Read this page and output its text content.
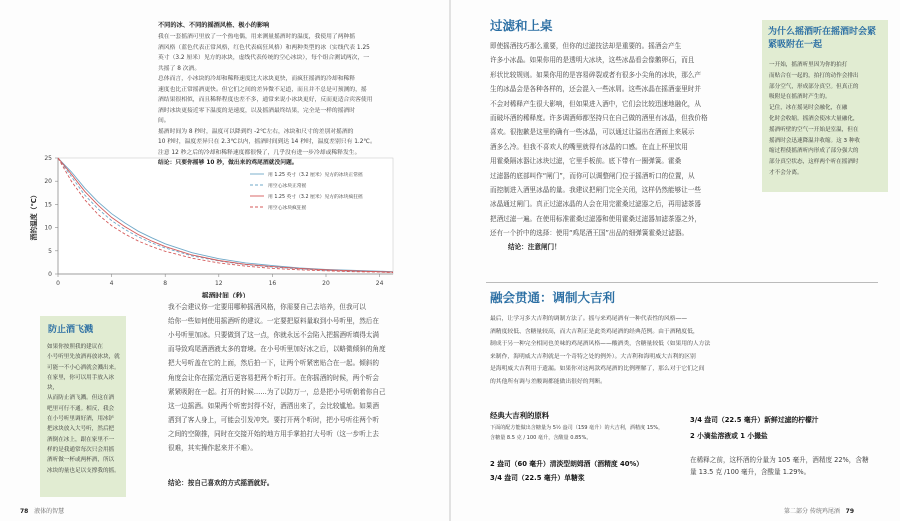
0	4	8	12	16	20	24
0
5
10
15
20
25
摇酒时间（秒）
酒的温度（℃）
用 1.25 英寸（3.2 厘米）见方的冰块正常摇
用空心冰块正常摇
用 1.25 英寸（3.2 厘米）见方的冰块疯狂摇
用空心冰块疯狂摇
不同的冰、不同的摇酒风格、极小的影响
我在一套摇酒可里放了一个热电偶，用来测量摇酒时的温度，我使用了两种摇
酒风格（蓝色代表正常风格，红色代表疯狂风格）和两种类型的冰（实线代表 1.25
英寸（3.2 厘米）见方的冰块，虚线代表传统的空心冰块），每个组合测试两次，一
共摇了 8 次酒。
总体而言，小冰块的冷却和稀释速度比大冰块更快，而疯狂摇酒的冷却和稀释
速度也比正常摇酒更快。但它们之间的差异微不足道，而且并不总是可预测的，摇
酒结果很相似，而且稀释程度也差不多，通常来说小冰块更好，反而更适合宾客使用
酒时冰块更接近零下温度的是速度，以及摇酒最终结果，完全是一样的摇酒时
间。
摇酒时间为 8 秒时，温度可以降到约 -2℃左右，冰块和尺寸的差别对摇酒的
10 秒时，温度差异只在 2.3℃以内，摇酒时间到达 14 秒时，温度差别只有 1.2℃。
注意 12 秒之后的冷却和稀释速度都很慢了，几乎没有进一步冷却或稀释发生。
结论：只要你摇够 10 秒，做出来的鸡尾酒就没问题。
我不会建议你一定要用哪种摇酒风格，你需要自己去培养，但我可以
给你一些如何使用摇酒听的建议。一定要把原料量取到小号听里，然后在
小号听里加冰。只要做到了这一点，你就永远不会陷入把摇酒听填得太满
而导致鸡尾酒酒液太多的窘境。在小号听里加好冰之后，以略微倾斜的角度
把大号听盖在它的上面，然后拍一下，让两个听紧密贴合在一起。倾斜的
角度会让你在摇完酒后更容易把两个听打开。在你摇酒的时候，两个听会
紧紧吸附在一起。打开的时候……为了以防万一，总是把小号听朝着你自己
这一边摇酒。如果两个听密封得不好，酒洒出来了，会比较尴尬。如果酒
洒到了客人身上，可能会引发冲突。要打开两个听时，把小号听往两个听
之间的空隙推，同时在交接开始的地方用手掌拍打大号听（这一步听上去
很难，其实操作起来并不难）。
结论：按自己喜欢的方式摇酒就好。
防止酒飞溅
如果你按照我的建议在
小号听里先放酒再放冰块，就
可能一不小心洒就会溅出来。
在家里，你可以用手放入冰块，
从而防止酒飞溅。但这在酒
吧里可行不通。相反，我会
在小号听里调好酒，用冰铲
把冰块放入大号听，然后把
酒倒在冰上，跟在家里不一
样的是我通常每次只会用摇
酒听做一杯或两杯酒，所以
冰块的量也足以支撑我的摇。
78 液体的智慧
过滤和上桌
即使摇酒技巧那么重要，但你的过滤技法却是重要的。摇酒会产生
许多小冰晶。如果你用的是透明大冰块，这些冰晶看会像鹅卵石，而且
形状比较规则。如果你用的是容易碎裂或者有很多小尖角的冰块，那么产
生的冰晶会是各种各样的，还会混入一些冰屑。这些冰晶在摇酒壶里时并
不会对稀释产生很大影响，但如果进入酒中，它们会比较迅速地融化，从
而破坏酒的稀释度。许多调酒师都坚持只在自己做的酒里有冰晶，但我价格
喜欢。很抱歉是这里的确有一些冰晶，可以通过让溢出在酒面上来展示
酒多么冷。但我不喜欢人的嘴里就得有冰晶的口感。在直上杯里饮用
用霍桑隔冰器让冰块过滤，它里手板前。底下带有一圈弹簧。霍桑
过滤器的底部叫作“闸门”，而你可以调整闸门位于摇酒听口的位置，从
而控制进入酒里冰晶的量。我建议把闸门完全关闭，这样仍然能够让一些
冰晶通过闸门。真正过滤冰晶的人会在用完霍桑过滤器之后，再用滤茶器
把酒过滤一遍。在使用标准霍桑过滤器和使用霍桑过滤器加滤茶器之外，
还有一个折中的选择：使用“鸡尾酒王国”出品的细弹簧霍桑过滤器。
结论：注意闸门！
为什么摇酒听在摇酒时会紧紧吸附在一起
一开始，摇酒听里因为你的拍打
而贴合在一起的，拍打的动作会排出
部分空气，形成部分真空。但真正的
吸附是在摇酒时产生的。
记住，冰在摇晃时会融化，在融
化时会收缩。摇酒会使冰大量融化，
摇酒听壁的空气一开始是室温，但在
摇酒时会迅速降温并收缩。这 3 种收
缩过程使摇酒听内形成了部分强大的
部分真空状态，这样两个听在摇酒时
才不会分离。
融会贯通：调制大吉利
最后，让学习多大吉利的调制方法了。摇与来鸡尾酒有一种代表性的风格——
酒精度较低、含糖量较高，而大吉利正是此类鸡尾酒的经典范例。由于酒精度低，
制成于另一种完全相同也美味的鸡尾酒风格——酸酒类，含糖量较低（如果用的人方法
来制作，海明威大吉利就是一个奇特之处的例外）。大吉利和海明威大吉利的区别
是海明威大吉利用于遗漏。如果你对这两款鸡尾酒的比例理解了，那么对于它们之间
的其他所有调与差酸调都能做出很好的判断。
经典大吉利的原料
下面的配方能做出含糖量为 5½ 盎司（159 毫升）的大吉利，酒精度 15%，含糖量 8.5 克 / 100 毫升，含酸量 0.85%。
2 盎司（60 毫升）清淡型朗姆酒（酒精度 40%）
3/4 盎司（22.5 毫升）单糖浆
3/4 盎司（22.5 毫升）新鲜过滤的柠檬汁
2 小滴盐溶液或 1 小撮盐
在稀释之前，这杯酒的分量为 105 毫升，酒精度 22%，含糖量 13.5 克 /100 毫升，含酸量 1.29%。
第二部分 传统鸡尾酒 79
